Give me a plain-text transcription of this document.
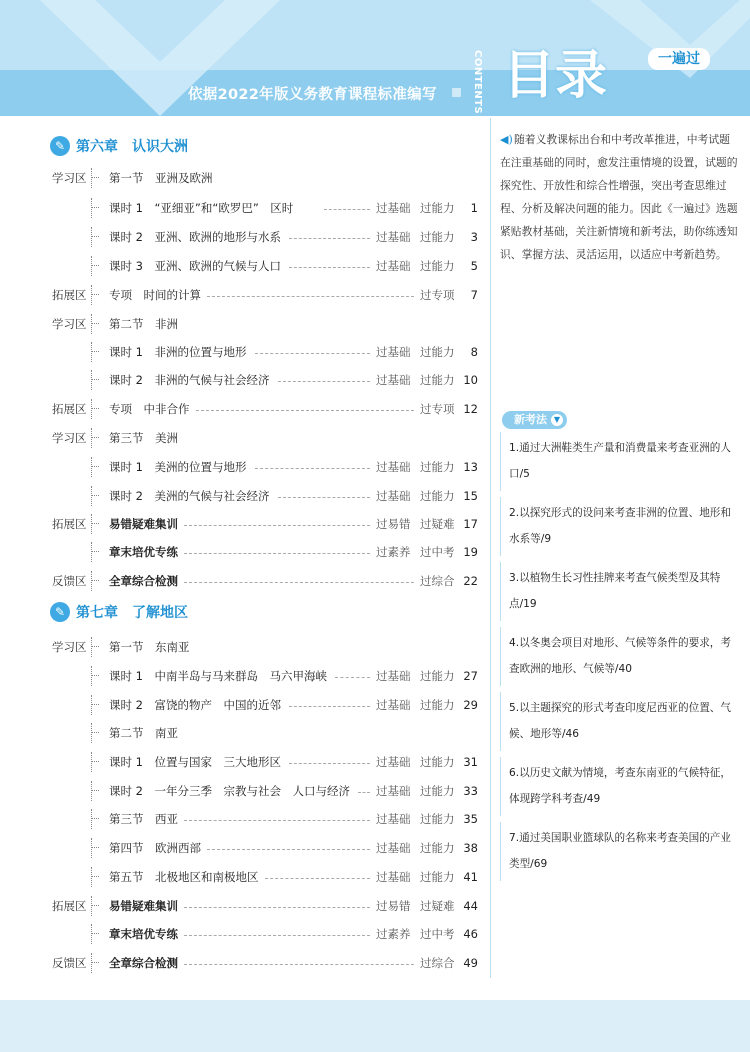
依据2022年版义务教育课程标准编写	CONTENTS 目录	一遍过
✎ 第六章　认识大洲
✎ 第七章　了解地区
学习区 第一节　亚洲及欧洲
课时 1　“亚细亚”和“欧罗巴”　区时	过基础 过能力	1
课时 2　亚洲、欧洲的地形与水系	过基础 过能力	3
课时 3　亚洲、欧洲的气候与人口	过基础 过能力	5
拓展区 专项　时间的计算	过专项	7
学习区 第二节　非洲
课时 1　非洲的位置与地形	过基础 过能力	8
课时 2　非洲的气候与社会经济	过基础 过能力 10
拓展区 专项　中非合作	过专项 12
学习区 第三节　美洲
课时 1　美洲的位置与地形	过基础 过能力 13
课时 2　美洲的气候与社会经济	过基础 过能力 15
拓展区 易错疑难集训	过易错 过疑难 17
章末培优专练	过素养 过中考 19
反馈区 全章综合检测	过综合 22
学习区 第一节　东南亚
课时 1　中南半岛与马来群岛　马六甲海峡	过基础 过能力 27
课时 2　富饶的物产　中国的近邻	过基础 过能力 29
第二节　南亚
课时 1　位置与国家　三大地形区	过基础 过能力 31
课时 2　一年分三季　宗教与社会　人口与经济 过基础 过能力 33
第三节　西亚	过基础 过能力 35
第四节　欧洲西部	过基础 过能力 38
第五节　北极地区和南极地区	过基础 过能力 41
拓展区 易错疑难集训	过易错 过疑难 44
章末培优专练	过素养 过中考 46
反馈区 全章综合检测	过综合 49
◀)随着义教课标出台和中考改革推进，中考试题在注重基础的同时，愈发注重情境的设置，试题的探究性、开放性和综合性增强，突出考查思维过程、分析及解决问题的能力。因此《一遍过》选题紧贴教材基础，关注新情境和新考法，助你练透知识、掌握方法、灵活运用，以适应中考新趋势。
新考法 ▼
1.通过大洲鞋类生产量和消费量来考查亚洲的人口/5
2.以探究形式的设问来考查非洲的位置、地形和水系等/9
3.以植物生长习性挂牌来考查气候类型及其特点/19
4.以冬奥会项目对地形、气候等条件的要求，考查欧洲的地形、气候等/40
5.以主题探究的形式考查印度尼西亚的位置、气候、地形等/46
6.以历史文献为情境，考查东南亚的气候特征，体现跨学科考查/49
7.通过美国职业篮球队的名称来考查美国的产业类型/69
